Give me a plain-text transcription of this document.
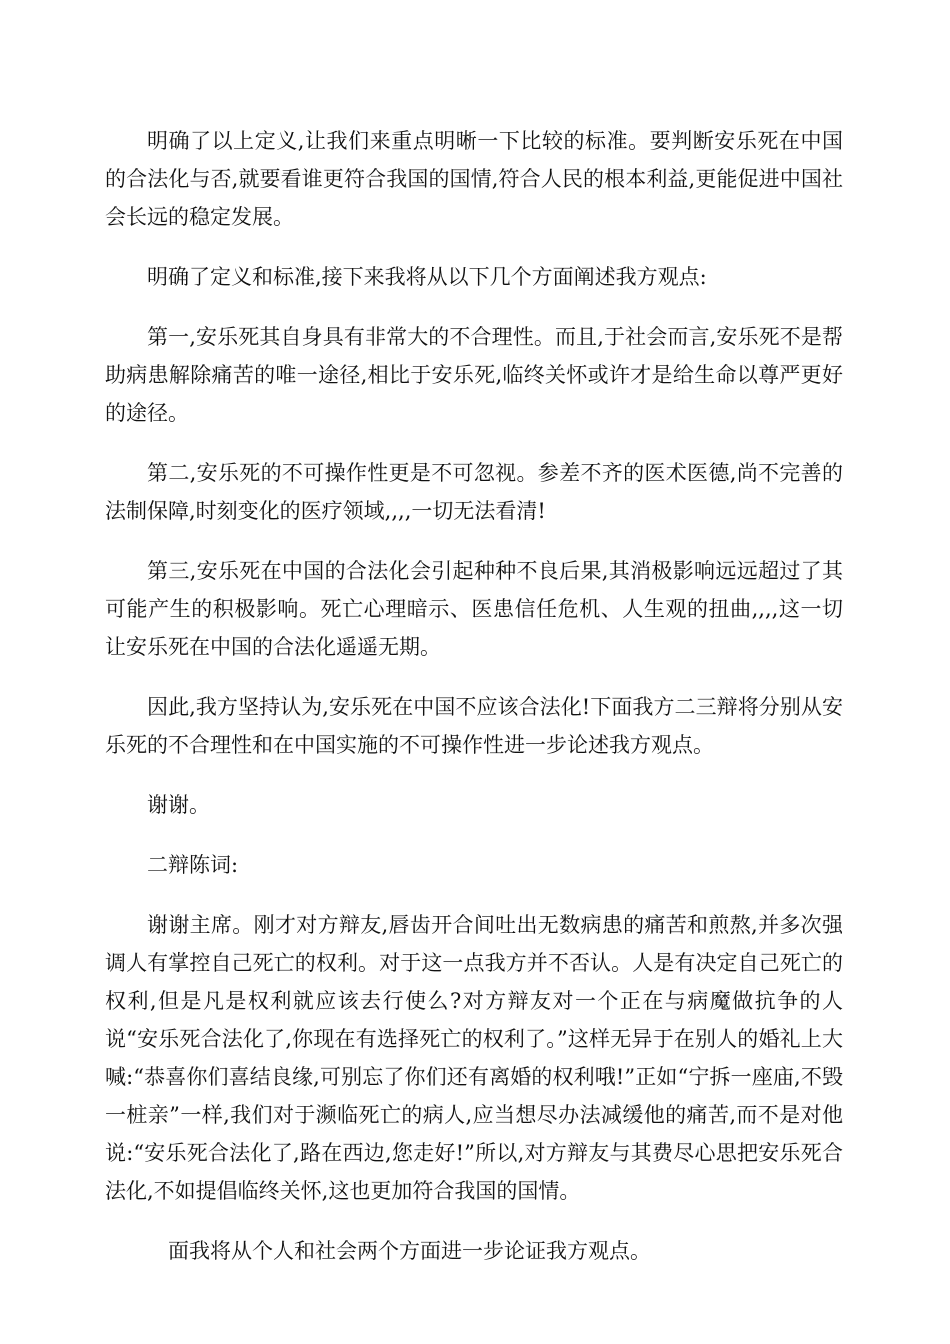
明确了以上定义,让我们来重点明晰一下比较的标准。要判断安乐死在中国的合法化与否,就要看谁更符合我国的国情,符合人民的根本利益,更能促进中国社会长远的稳定发展。

明确了定义和标准,接下来我将从以下几个方面阐述我方观点:

第一,安乐死其自身具有非常大的不合理性。而且,于社会而言,安乐死不是帮助病患解除痛苦的唯一途径,相比于安乐死,临终关怀或许才是给生命以尊严更好的途径。

第二,安乐死的不可操作性更是不可忽视。参差不齐的医术医德,尚不完善的法制保障,时刻变化的医疗领域,,,,一切无法看清!

第三,安乐死在中国的合法化会引起种种不良后果,其消极影响远远超过了其可能产生的积极影响。死亡心理暗示、医患信任危机、人生观的扭曲,,,,这一切让安乐死在中国的合法化遥遥无期。

因此,我方坚持认为,安乐死在中国不应该合法化!下面我方二三辩将分别从安乐死的不合理性和在中国实施的不可操作性进一步论述我方观点。

谢谢。

二辩陈词:

谢谢主席。刚才对方辩友,唇齿开合间吐出无数病患的痛苦和煎熬,并多次强调人有掌控自己死亡的权利。对于这一点我方并不否认。人是有决定自己死亡的权利,但是凡是权利就应该去行使么?对方辩友对一个正在与病魔做抗争的人说“安乐死合法化了,你现在有选择死亡的权利了。”这样无异于在别人的婚礼上大喊:“恭喜你们喜结良缘,可别忘了你们还有离婚的权利哦!”正如“宁拆一座庙,不毁一桩亲”一样,我们对于濒临死亡的病人,应当想尽办法减缓他的痛苦,而不是对他说:“安乐死合法化了,路在西边,您走好!”所以,对方辩友与其费尽心思把安乐死合法化,不如提倡临终关怀,这也更加符合我国的国情。

面我将从个人和社会两个方面进一步论证我方观点。
